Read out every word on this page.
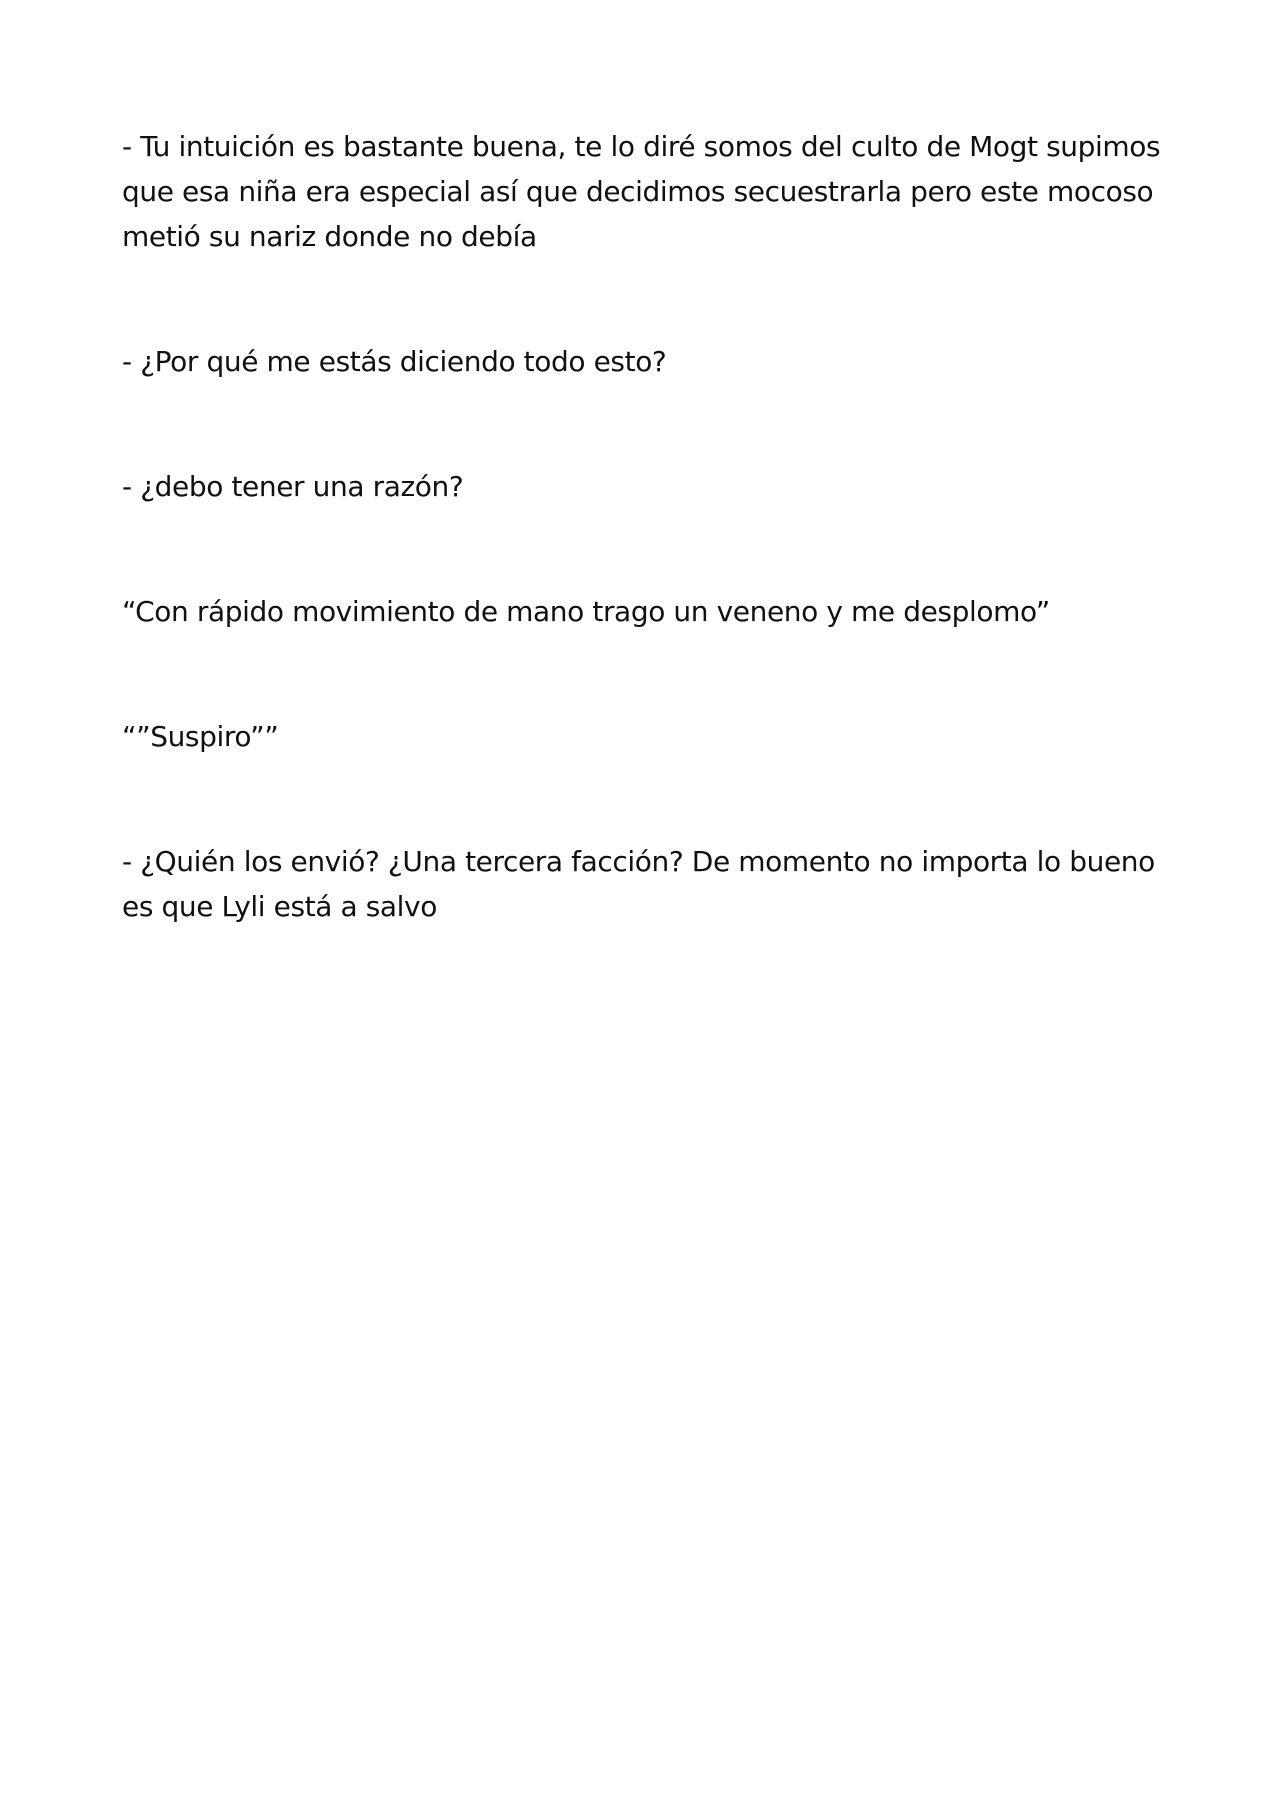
- Tu intuición es bastante buena, te lo diré somos del culto de Mogt supimos que esa niña era especial así que decidimos secuestrarla pero este mocoso metió su nariz donde no debía

- ¿Por qué me estás diciendo todo esto?

- ¿debo tener una razón?

“Con rápido movimiento de mano trago un veneno y me desplomo”

“”Suspiro””

- ¿Quién los envió? ¿Una tercera facción? De momento no importa lo bueno es que Lyli está a salvo
